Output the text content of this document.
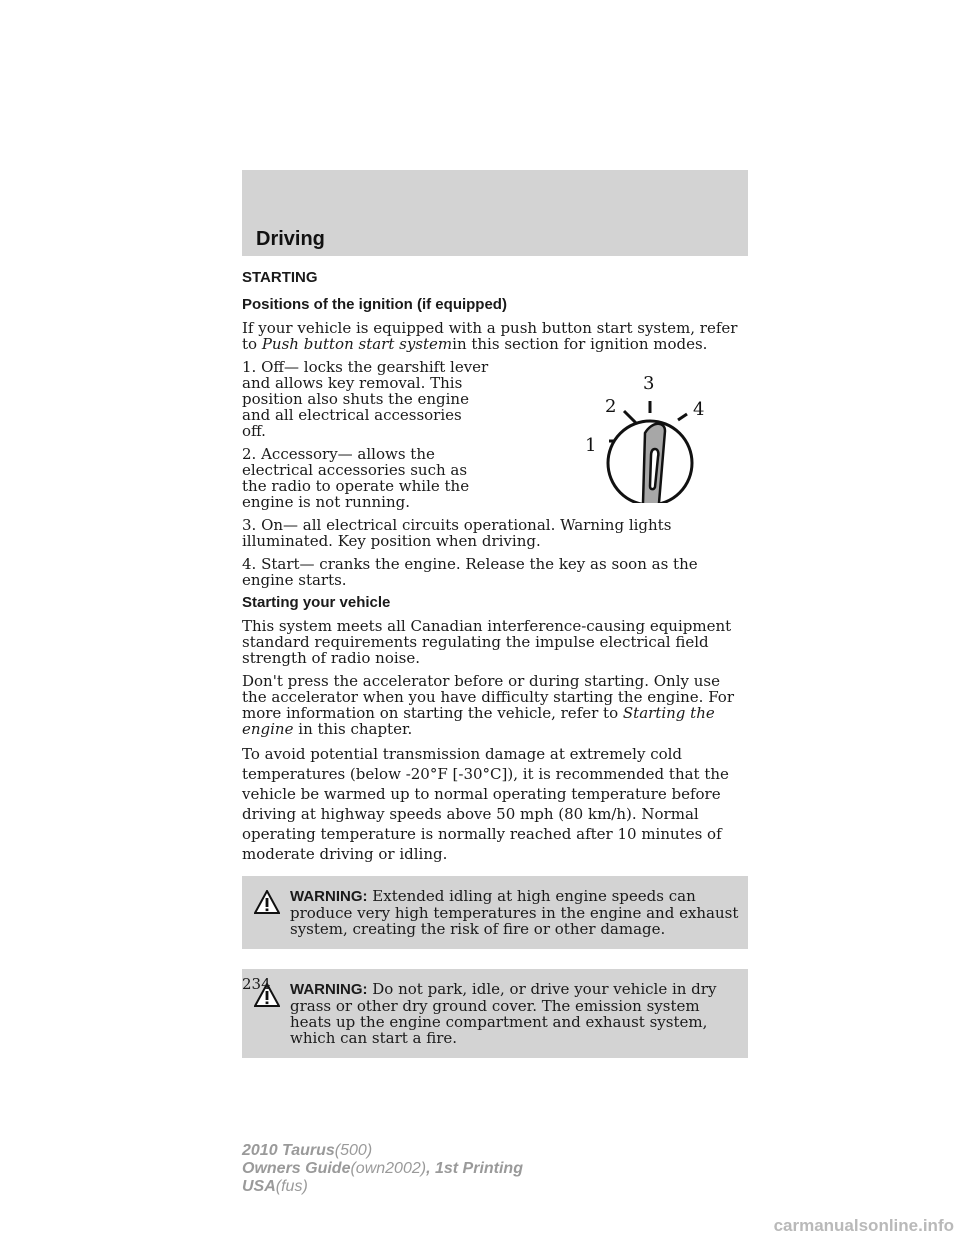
Driving
STARTING
Positions of the ignition (if equipped)

If your vehicle is equipped with a push button start system, refer to Push button start systemin this section for ignition modes.

1
2
3
4

1. Off— locks the gearshift lever and allows key removal. This position also shuts the engine and all electrical accessories off.

2. Accessory— allows the electrical accessories such as the radio to operate while the engine is not running.

3. On— all electrical circuits operational. Warning lights illuminated. Key position when driving.

4. Start— cranks the engine. Release the key as soon as the engine starts.

Starting your vehicle

This system meets all Canadian interference-causing equipment standard requirements regulating the impulse electrical field strength of radio noise.

Don't press the accelerator before or during starting. Only use the accelerator when you have difficulty starting the engine. For more information on starting the vehicle, refer to Starting the engine in this chapter.

To avoid potential transmission damage at extremely cold temperatures (below -20°F [-30°C]), it is recommended that the vehicle be warmed up to normal operating temperature before driving at highway speeds above 50 mph (80 km/h). Normal operating temperature is normally reached after 10 minutes of moderate driving or idling.

WARNING: Extended idling at high engine speeds can produce very high temperatures in the engine and exhaust system, creating the risk of fire or other damage.
WARNING: Do not park, idle, or drive your vehicle in dry grass or other dry ground cover. The emission system heats up the engine compartment and exhaust system, which can start a fire.
234
2010 Taurus(500)
Owners Guide(own2002), 1st Printing
USA(fus)
carmanualsonline.info
